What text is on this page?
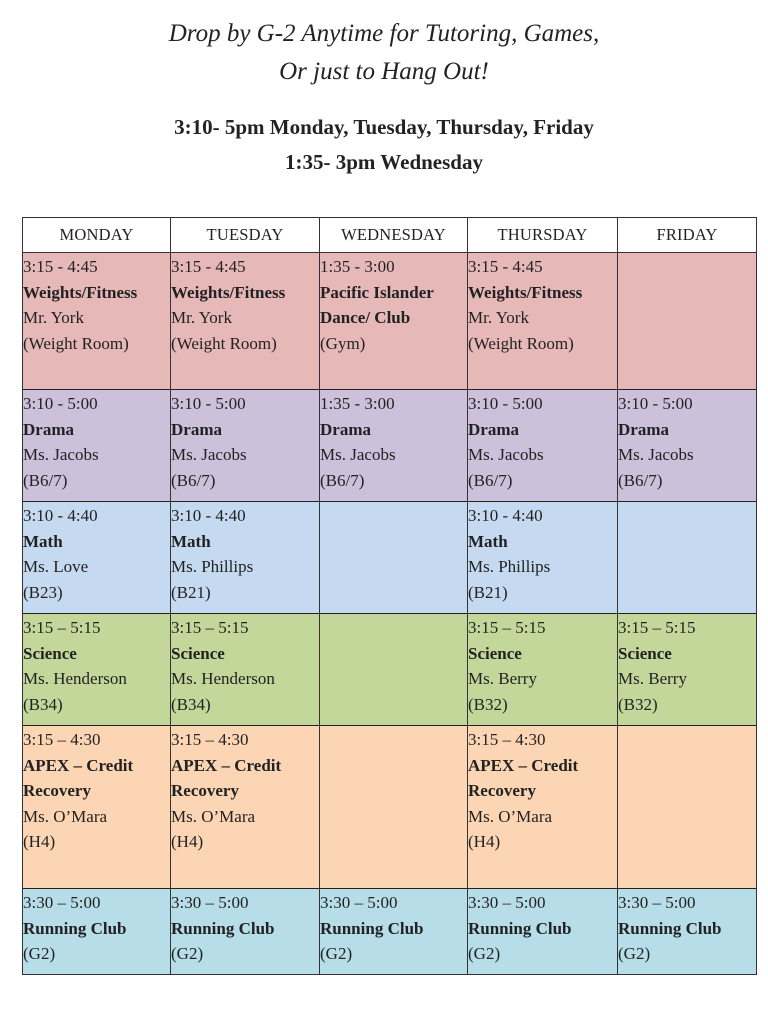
Drop by G-2 Anytime for Tutoring, Games,
Or just to Hang Out!
3:10- 5pm Monday, Tuesday, Thursday, Friday
1:35- 3pm Wednesday
MONDAY	TUESDAY	WEDNESDAY	THURSDAY	FRIDAY

3:15 - 4:45
Weights/Fitness
Mr. York
(Weight Room)	3:15 - 4:45
Weights/Fitness
Mr. York
(Weight Room)	1:35 - 3:00
Pacific Islander Dance/ Club
(Gym)	3:15 - 4:45
Weights/Fitness
Mr. York
(Weight Room)	

3:10 - 5:00
Drama
Ms. Jacobs
(B6/7)	3:10 - 5:00
Drama
Ms. Jacobs
(B6/7)	1:35 - 3:00
Drama
Ms. Jacobs
(B6/7)	3:10 - 5:00
Drama
Ms. Jacobs
(B6/7)	3:10 - 5:00
Drama
Ms. Jacobs
(B6/7)

3:10 - 4:40
Math
Ms. Love
(B23)	3:10 - 4:40
Math
Ms. Phillips
(B21)		3:10 - 4:40
Math
Ms. Phillips
(B21)	

3:15 – 5:15
Science
Ms. Henderson
(B34)	3:15 – 5:15
Science
Ms. Henderson
(B34)		3:15 – 5:15
Science
Ms. Berry
(B32)	3:15 – 5:15
Science
Ms. Berry
(B32)

3:15 – 4:30
APEX – Credit Recovery
Ms. O’Mara
(H4)	3:15 – 4:30
APEX – Credit Recovery
Ms. O’Mara
(H4)		3:15 – 4:30
APEX – Credit Recovery
Ms. O’Mara
(H4)	

3:30 – 5:00
Running Club
(G2)	3:30 – 5:00
Running Club
(G2)	3:30 – 5:00
Running Club
(G2)	3:30 – 5:00
Running Club
(G2)	3:30 – 5:00
Running Club
(G2)
